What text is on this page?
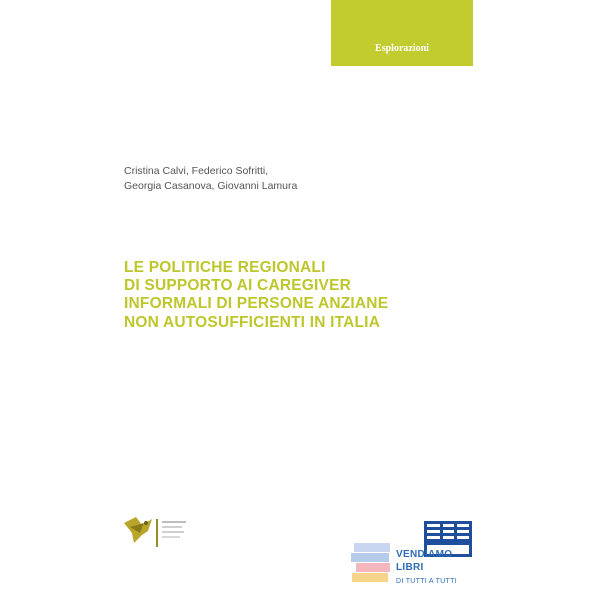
Esplorazioni
Cristina Calvi, Federico Sofritti,
Georgia Casanova, Giovanni Lamura
LE POLITICHE REGIONALI
DI SUPPORTO AI CAREGIVER
INFORMALI DI PERSONE ANZIANE
NON AUTOSUFFICIENTI IN ITALIA
VENDIAMO
LIBRI
DI TUTTI A TUTTI
